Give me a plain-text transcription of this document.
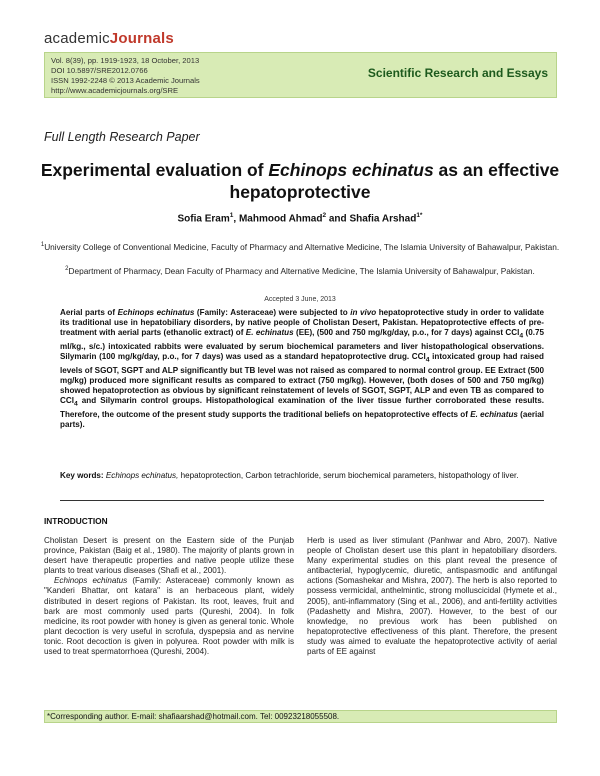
academicJournals
Vol. 8(39), pp. 1919-1923, 18 October, 2013
DOI 10.5897/SRE2012.0766
ISSN 1992-2248 © 2013 Academic Journals
http://www.academicjournals.org/SRE
Scientific Research and Essays
Full Length Research Paper
Experimental evaluation of Echinops echinatus as an effective hepatoprotective
Sofia Eram$^1$, Mahmood Ahmad$^2$ and Shafia Arshad$^{1*}$
$^1$University College of Conventional Medicine, Faculty of Pharmacy and Alternative Medicine, The Islamia University of Bahawalpur, Pakistan.
$^2$Department of Pharmacy, Dean Faculty of Pharmacy and Alternative Medicine, The Islamia University of Bahawalpur, Pakistan.
Accepted 3 June, 2013
Aerial parts of Echinops echinatus (Family: Asteraceae) were subjected to in vivo hepatoprotective study in order to validate its traditional use in hepatobiliary disorders, by native people of Cholistan Desert, Pakistan. Hepatoprotective effects of pre-treatment with aerial parts (ethanolic extract) of E. echinatus (EE), (500 and 750 mg/kg/day, p.o., for 7 days) against CCl$_4$ (0.75 ml/kg., s/c.) intoxicated rabbits were evaluated by serum biochemical parameters and liver histopathological observations. Silymarin (100 mg/kg/day, p.o., for 7 days) was used as a standard hepatoprotective drug. CCl$_4$ intoxicated group had raised levels of SGOT, SGPT and ALP significantly but TB level was not raised as compared to normal control group. EE Extract (500 mg/kg) produced more significant results as compared to extract (750 mg/kg). However, (both doses of 500 and 750 mg/kg) showed hepatoprotection as obvious by significant reinstatement of levels of SGOT, SGPT, ALP and even TB as compared to CCl$_4$ and Silymarin control groups. Histopathological examination of the liver tissue further corroborated these results. Therefore, the outcome of the present study supports the traditional beliefs on hepatoprotective effects of E. echinatus (aerial parts).
Key words: Echinops echinatus, hepatoprotection, Carbon tetrachloride, serum biochemical parameters, histopathology of liver.
INTRODUCTION

Cholistan Desert is present on the Eastern side of the Punjab province, Pakistan (Baig et al., 1980). The majority of plants grown in desert have therapeutic properties and native people utilize these plants to treat various diseases (Shafi et al., 2001).

Echinops echinatus (Family: Asteraceae) commonly known as "Kanderi Bhattar, ont katara" is an herbaceous plant, widely distributed in desert regions of Pakistan. Its root, leaves, fruit and bark are most commonly used parts (Qureshi, 2004). In folk medicine, its root powder with honey is given as general tonic. Whole plant decoction is very useful in scrofula, dyspepsia and as nervine tonic. Root decoction is given in polyurea. Root powder with milk is used to treat spermatorrhoea (Qureshi, 2004).

Herb is used as liver stimulant (Panhwar and Abro, 2007). Native people of Cholistan desert use this plant in hepatobiliary disorders. Many experimental studies on this plant reveal the presence of antibacterial, hypoglycemic, diuretic, antispasmodic and antifungal actions (Somashekar and Mishra, 2007). The herb is also reported to possess vermicidal, anthelmintic, strong molluscicidal (Hymete et al., 2005), anti-inflammatory (Sing et al., 2006), and anti-fertility activities (Padashetty and Mishra, 2007). However, to the best of our knowledge, no previous work has been published on hepatoprotective effectiveness of this plant. Therefore, the present study was aimed to evaluate the hepatoprotective activity of aerial parts of EE against

*Corresponding author. E-mail: shafiaarshad@hotmail.com. Tel: 00923218055508.
